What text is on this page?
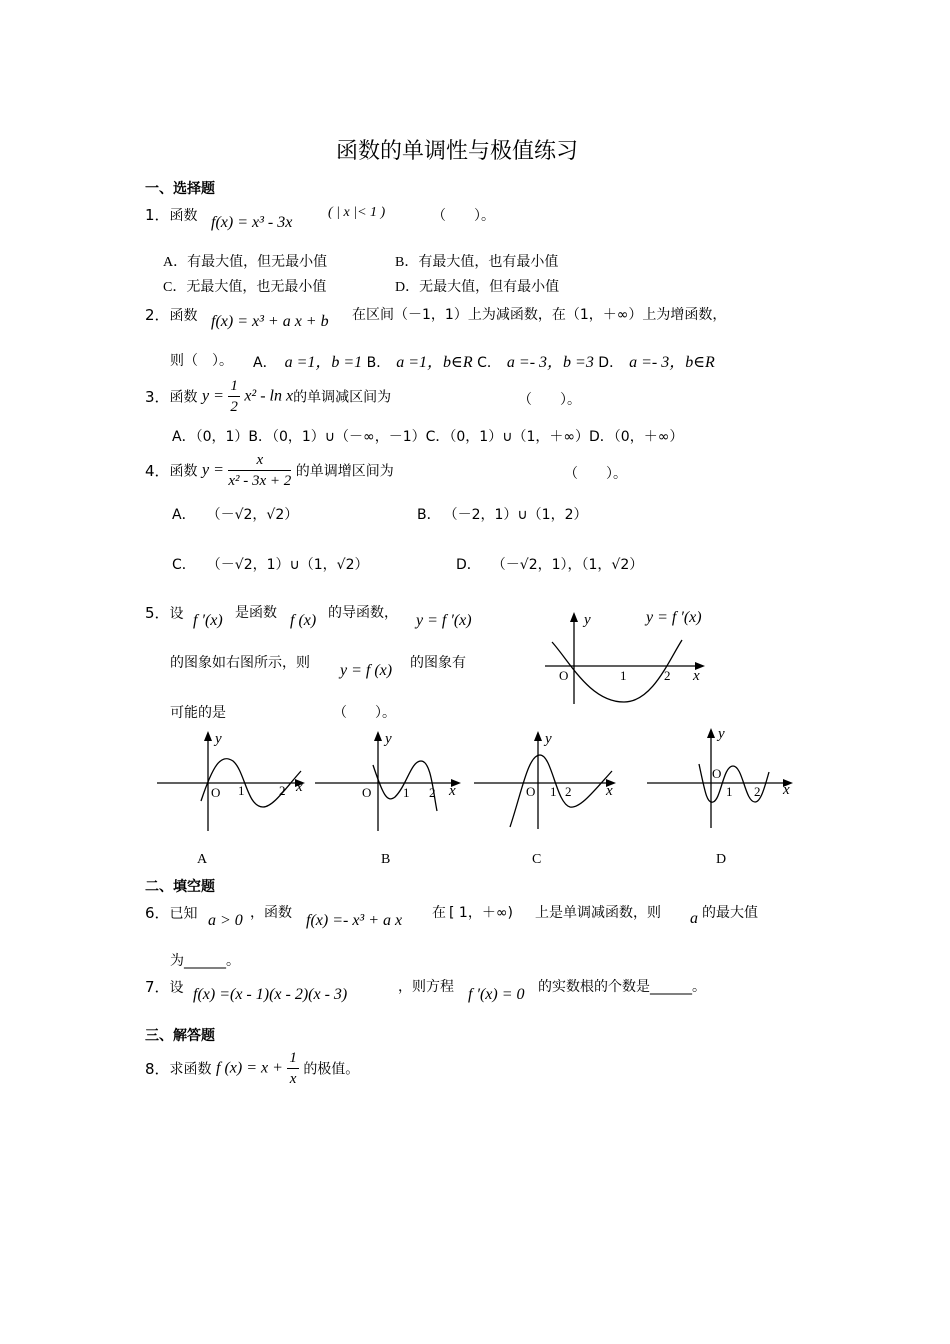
函数的单调性与极值练习
一、选择题
1．函数 f(x) = x³ - 3x
( | x |< 1 )	（　　）。
A．有最大值，但无最小值	B．有最大值，也有最小值
C．无最大值，也无最小值	D．无最大值，但有最小值
2．函数 f(x) = x³ + a x + b 在区间（－1，1）上为减函数，在（1，＋∞）上为增函数，
则（　）。 A． a =1，b =1 B． a =1，b∈R C． a =- 3，b =3 D． a =- 3，b∈R
3．函数 $y = \frac{1}{2} x^2 - \ln x$的单调减区间为	（　　）。
A．（0，1）B．（0，1）∪（－∞，－1）C．（0，1）∪（1，＋∞）D．（0，＋∞）
4．函数 $y = \frac{x}{\text{x² - 3x + 2}}$ 的单调增区间为	（　　）。
A． （－√2，√2）	B． （－2，1）∪（1，2）
C． （－√2，1）∪（1，√2）	D． （－√2，1），（1，√2）
5．设 f ′(x) 是函数 f (x) 的导函数， y = f ′(x)
的图象如右图所示，则 y = f (x) 的图象有
可能的是	（　　）。
y
O	1	2 x
y = f ′(x)
y
O 1	2 x
A
y
O 1 2 x
B
y
O 1 2 x
C
y
O
1 2 x
D
二、填空题
6．已知 a > 0 ，函数 f(x) =- x³ + a x 在 [ 1，＋∞) 上是单调减函数，则 a 的最大值
为______。
7．设 f(x) =(x - 1)(x - 2)(x - 3)	，则方程 f ′(x) = 0 的实数根的个数是______。
三、解答题
8．求函数 f $(x) = x + \frac{1}{x}$ 的极值。
